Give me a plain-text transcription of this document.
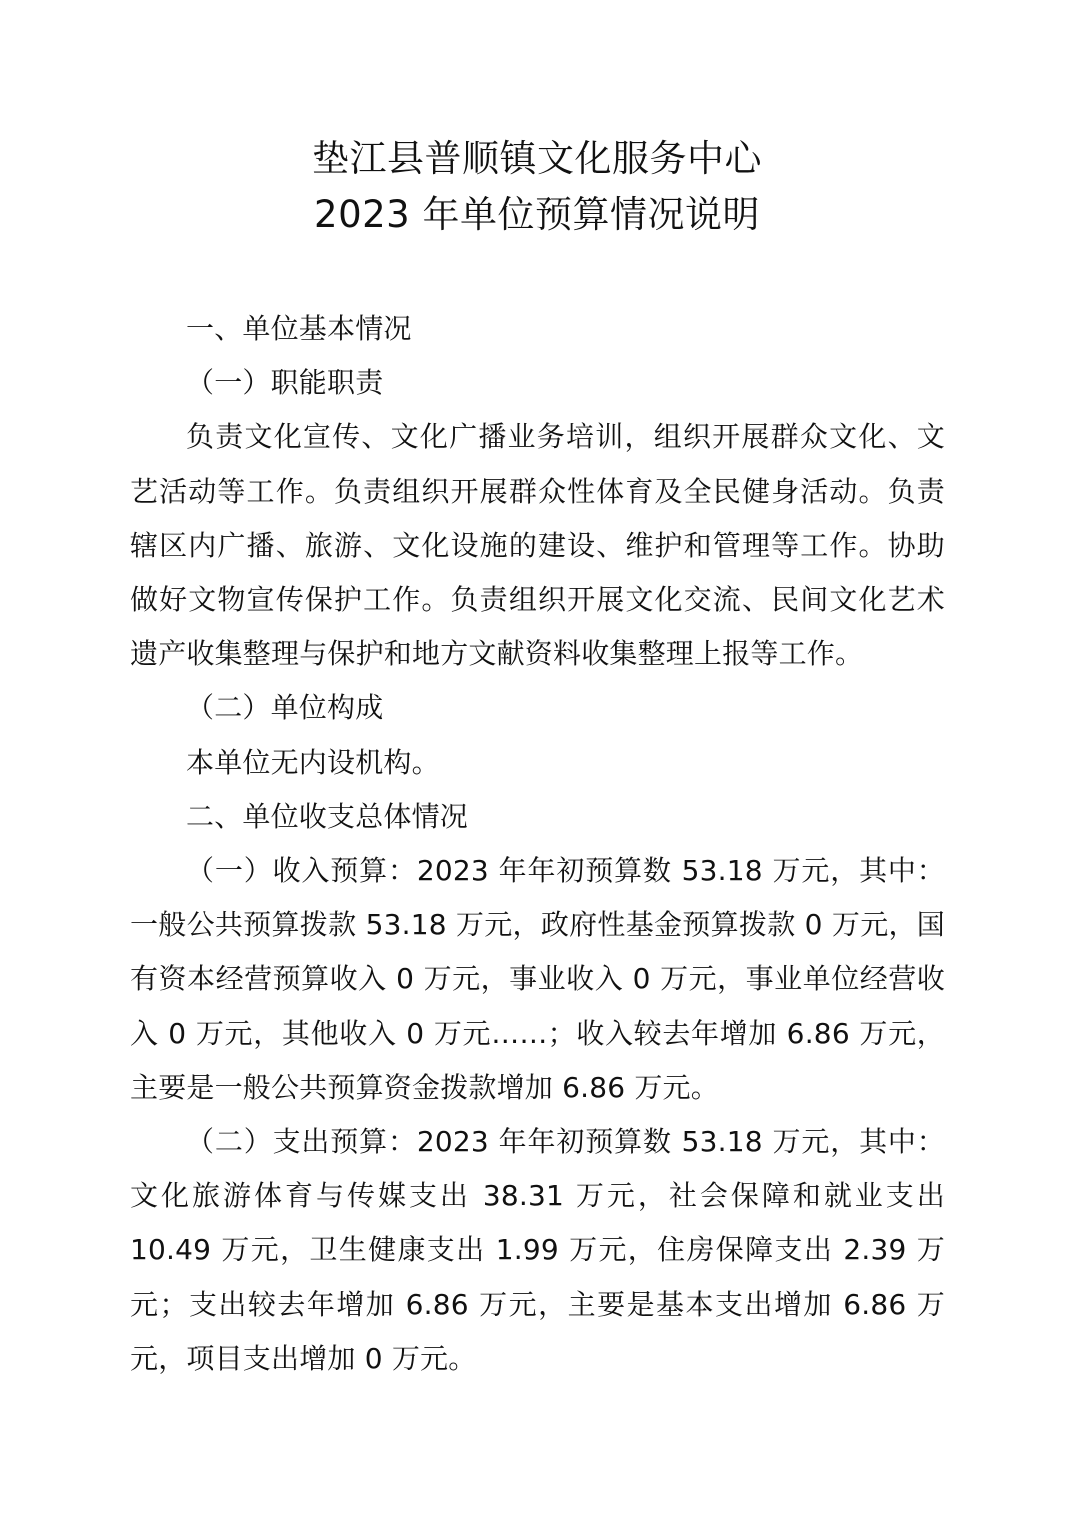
垫江县普顺镇文化服务中心
2023 年单位预算情况说明

一、单位基本情况

（一）职能职责

负责文化宣传、文化广播业务培训，组织开展群众文化、文艺活动等工作。负责组织开展群众性体育及全民健身活动。负责辖区内广播、旅游、文化设施的建设、维护和管理等工作。协助做好文物宣传保护工作。负责组织开展文化交流、民间文化艺术遗产收集整理与保护和地方文献资料收集整理上报等工作。

（二）单位构成

本单位无内设机构。

二、单位收支总体情况

（一）收入预算：2023 年年初预算数 53.18 万元，其中：一般公共预算拨款 53.18 万元，政府性基金预算拨款 0 万元，国有资本经营预算收入 0 万元，事业收入 0 万元，事业单位经营收入 0 万元，其他收入 0 万元……；收入较去年增加 6.86 万元，主要是一般公共预算资金拨款增加 6.86 万元。

（二）支出预算：2023 年年初预算数 53.18 万元，其中：文化旅游体育与传媒支出 38.31 万元，社会保障和就业支出 10.49 万元，卫生健康支出 1.99 万元，住房保障支出 2.39 万元；支出较去年增加 6.86 万元，主要是基本支出增加 6.86 万元，项目支出增加 0 万元。
